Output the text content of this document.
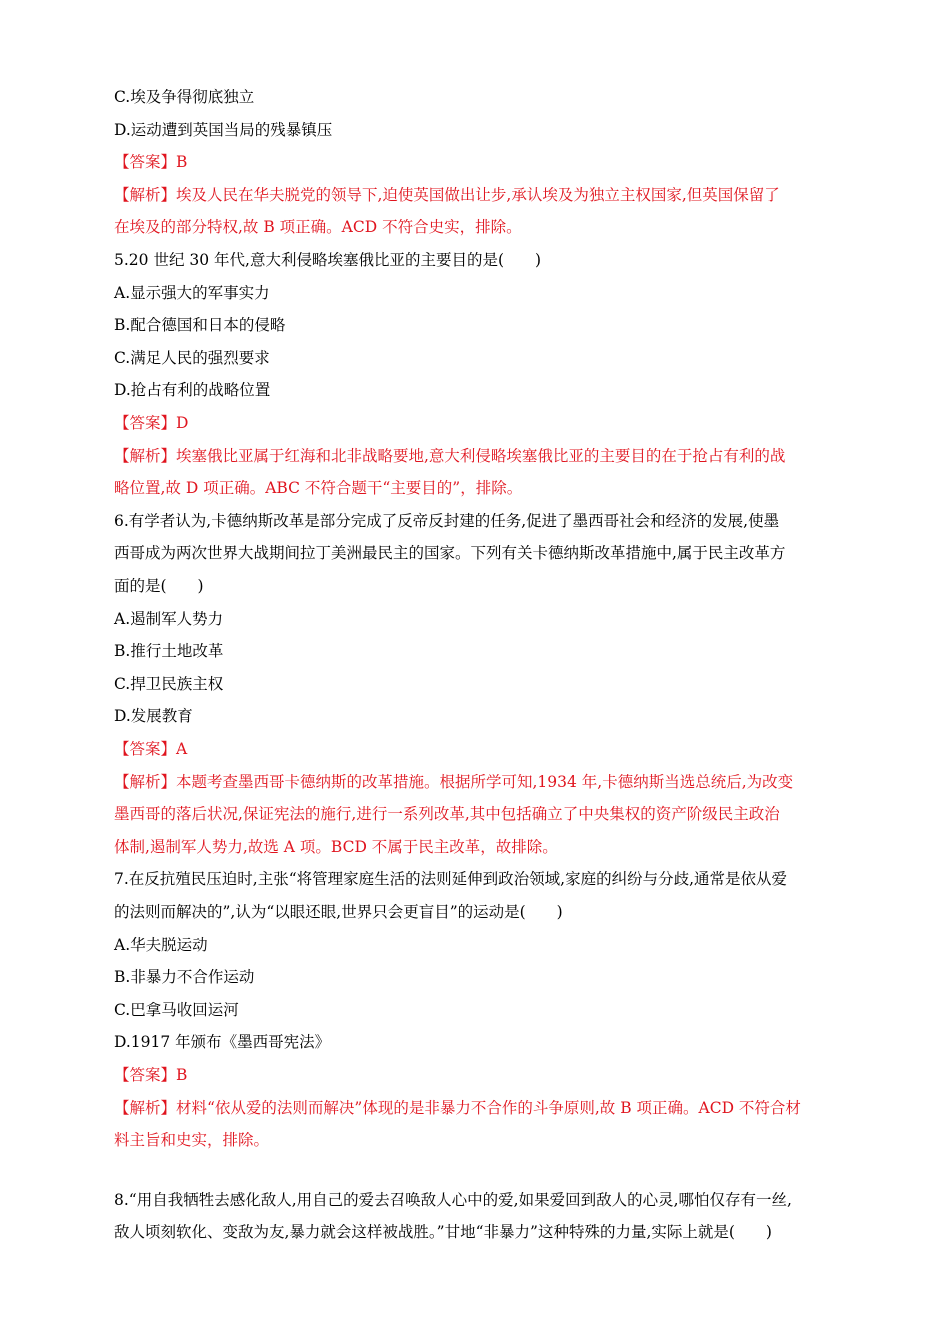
C.埃及争得彻底独立
D.运动遭到英国当局的残暴镇压
【答案】B
【解析】埃及人民在华夫脱党的领导下,迫使英国做出让步,承认埃及为独立主权国家,但英国保留了
在埃及的部分特权,故 B 项正确。ACD 不符合史实，排除。
5.20 世纪 30 年代,意大利侵略埃塞俄比亚的主要目的是(　　)
A.显示强大的军事实力
B.配合德国和日本的侵略
C.满足人民的强烈要求
D.抢占有利的战略位置
【答案】D
【解析】埃塞俄比亚属于红海和北非战略要地,意大利侵略埃塞俄比亚的主要目的在于抢占有利的战
略位置,故 D 项正确。ABC 不符合题干“主要目的”，排除。
6.有学者认为,卡德纳斯改革是部分完成了反帝反封建的任务,促进了墨西哥社会和经济的发展,使墨
西哥成为两次世界大战期间拉丁美洲最民主的国家。下列有关卡德纳斯改革措施中,属于民主改革方
面的是(　　)
A.遏制军人势力
B.推行土地改革
C.捍卫民族主权
D.发展教育
【答案】A
【解析】本题考查墨西哥卡德纳斯的改革措施。根据所学可知,1934 年,卡德纳斯当选总统后,为改变
墨西哥的落后状况,保证宪法的施行,进行一系列改革,其中包括确立了中央集权的资产阶级民主政治
体制,遏制军人势力,故选 A 项。BCD 不属于民主改革，故排除。
7.在反抗殖民压迫时,主张“将管理家庭生活的法则延伸到政治领域,家庭的纠纷与分歧,通常是依从爱
的法则而解决的”,认为“以眼还眼,世界只会更盲目”的运动是(　　)
A.华夫脱运动
B.非暴力不合作运动
C.巴拿马收回运河
D.1917 年颁布《墨西哥宪法》
【答案】B
【解析】材料“依从爱的法则而解决”体现的是非暴力不合作的斗争原则,故 B 项正确。ACD 不符合材
料主旨和史实，排除。
8.“用自我牺牲去感化敌人,用自己的爱去召唤敌人心中的爱,如果爱回到敌人的心灵,哪怕仅存有一丝,
敌人顷刻软化、变敌为友,暴力就会这样被战胜。”甘地“非暴力”这种特殊的力量,实际上就是(　　)
